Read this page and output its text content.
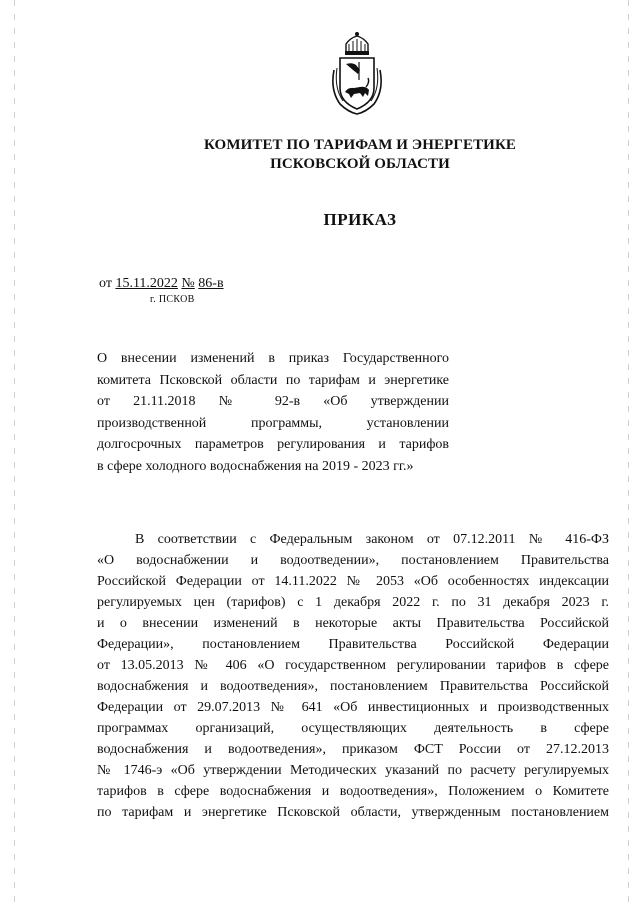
КОМИТЕТ ПО ТАРИФАМ И ЭНЕРГЕТИКЕ
ПСКОВСКОЙ ОБЛАСТИ
ПРИКАЗ
от 15.11.2022 № 86-в
г. ПСКОВ
О внесении изменений в приказ Государственного
комитета Псковской области по тарифам и энергетике
от 21.11.2018 № 92-в «Об утверждении
производственной программы, установлении
долгосрочных параметров регулирования и тарифов
в сфере холодного водоснабжения на 2019 - 2023 гг.»
В соответствии с Федеральным законом от 07.12.2011 № 416-ФЗ
«О водоснабжении и водоотведении», постановлением Правительства
Российской Федерации от 14.11.2022 № 2053 «Об особенностях индексации
регулируемых цен (тарифов) с 1 декабря 2022 г. по 31 декабря 2023 г.
и о внесении изменений в некоторые акты Правительства Российской
Федерации», постановлением Правительства Российской Федерации
от 13.05.2013 № 406 «О государственном регулировании тарифов в сфере
водоснабжения и водоотведения», постановлением Правительства Российской
Федерации от 29.07.2013 № 641 «Об инвестиционных и производственных
программах организаций, осуществляющих деятельность в сфере
водоснабжения и водоотведения», приказом ФСТ России от 27.12.2013
№ 1746-э «Об утверждении Методических указаний по расчету регулируемых
тарифов в сфере водоснабжения и водоотведения», Положением о Комитете
по тарифам и энергетике Псковской области, утвержденным постановлением
